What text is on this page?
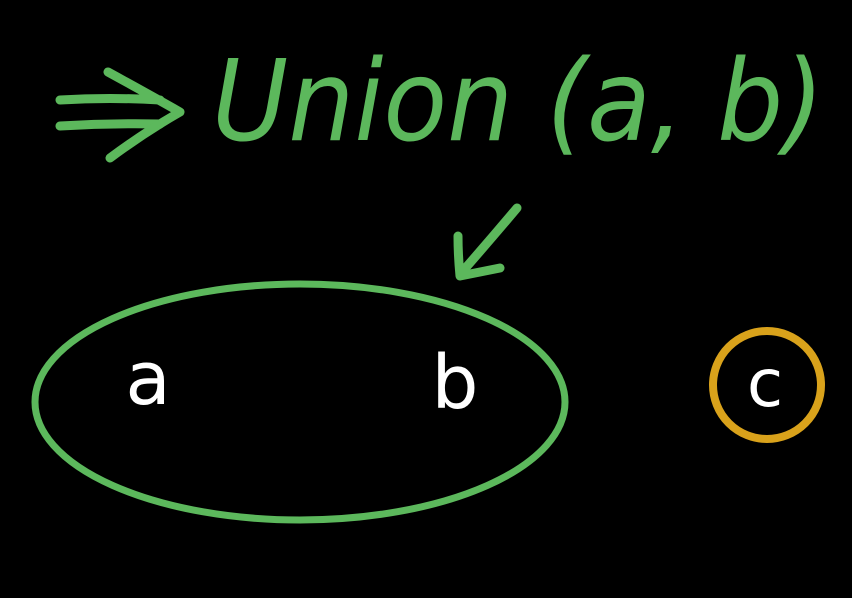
Union (a, b)
a	b	c
